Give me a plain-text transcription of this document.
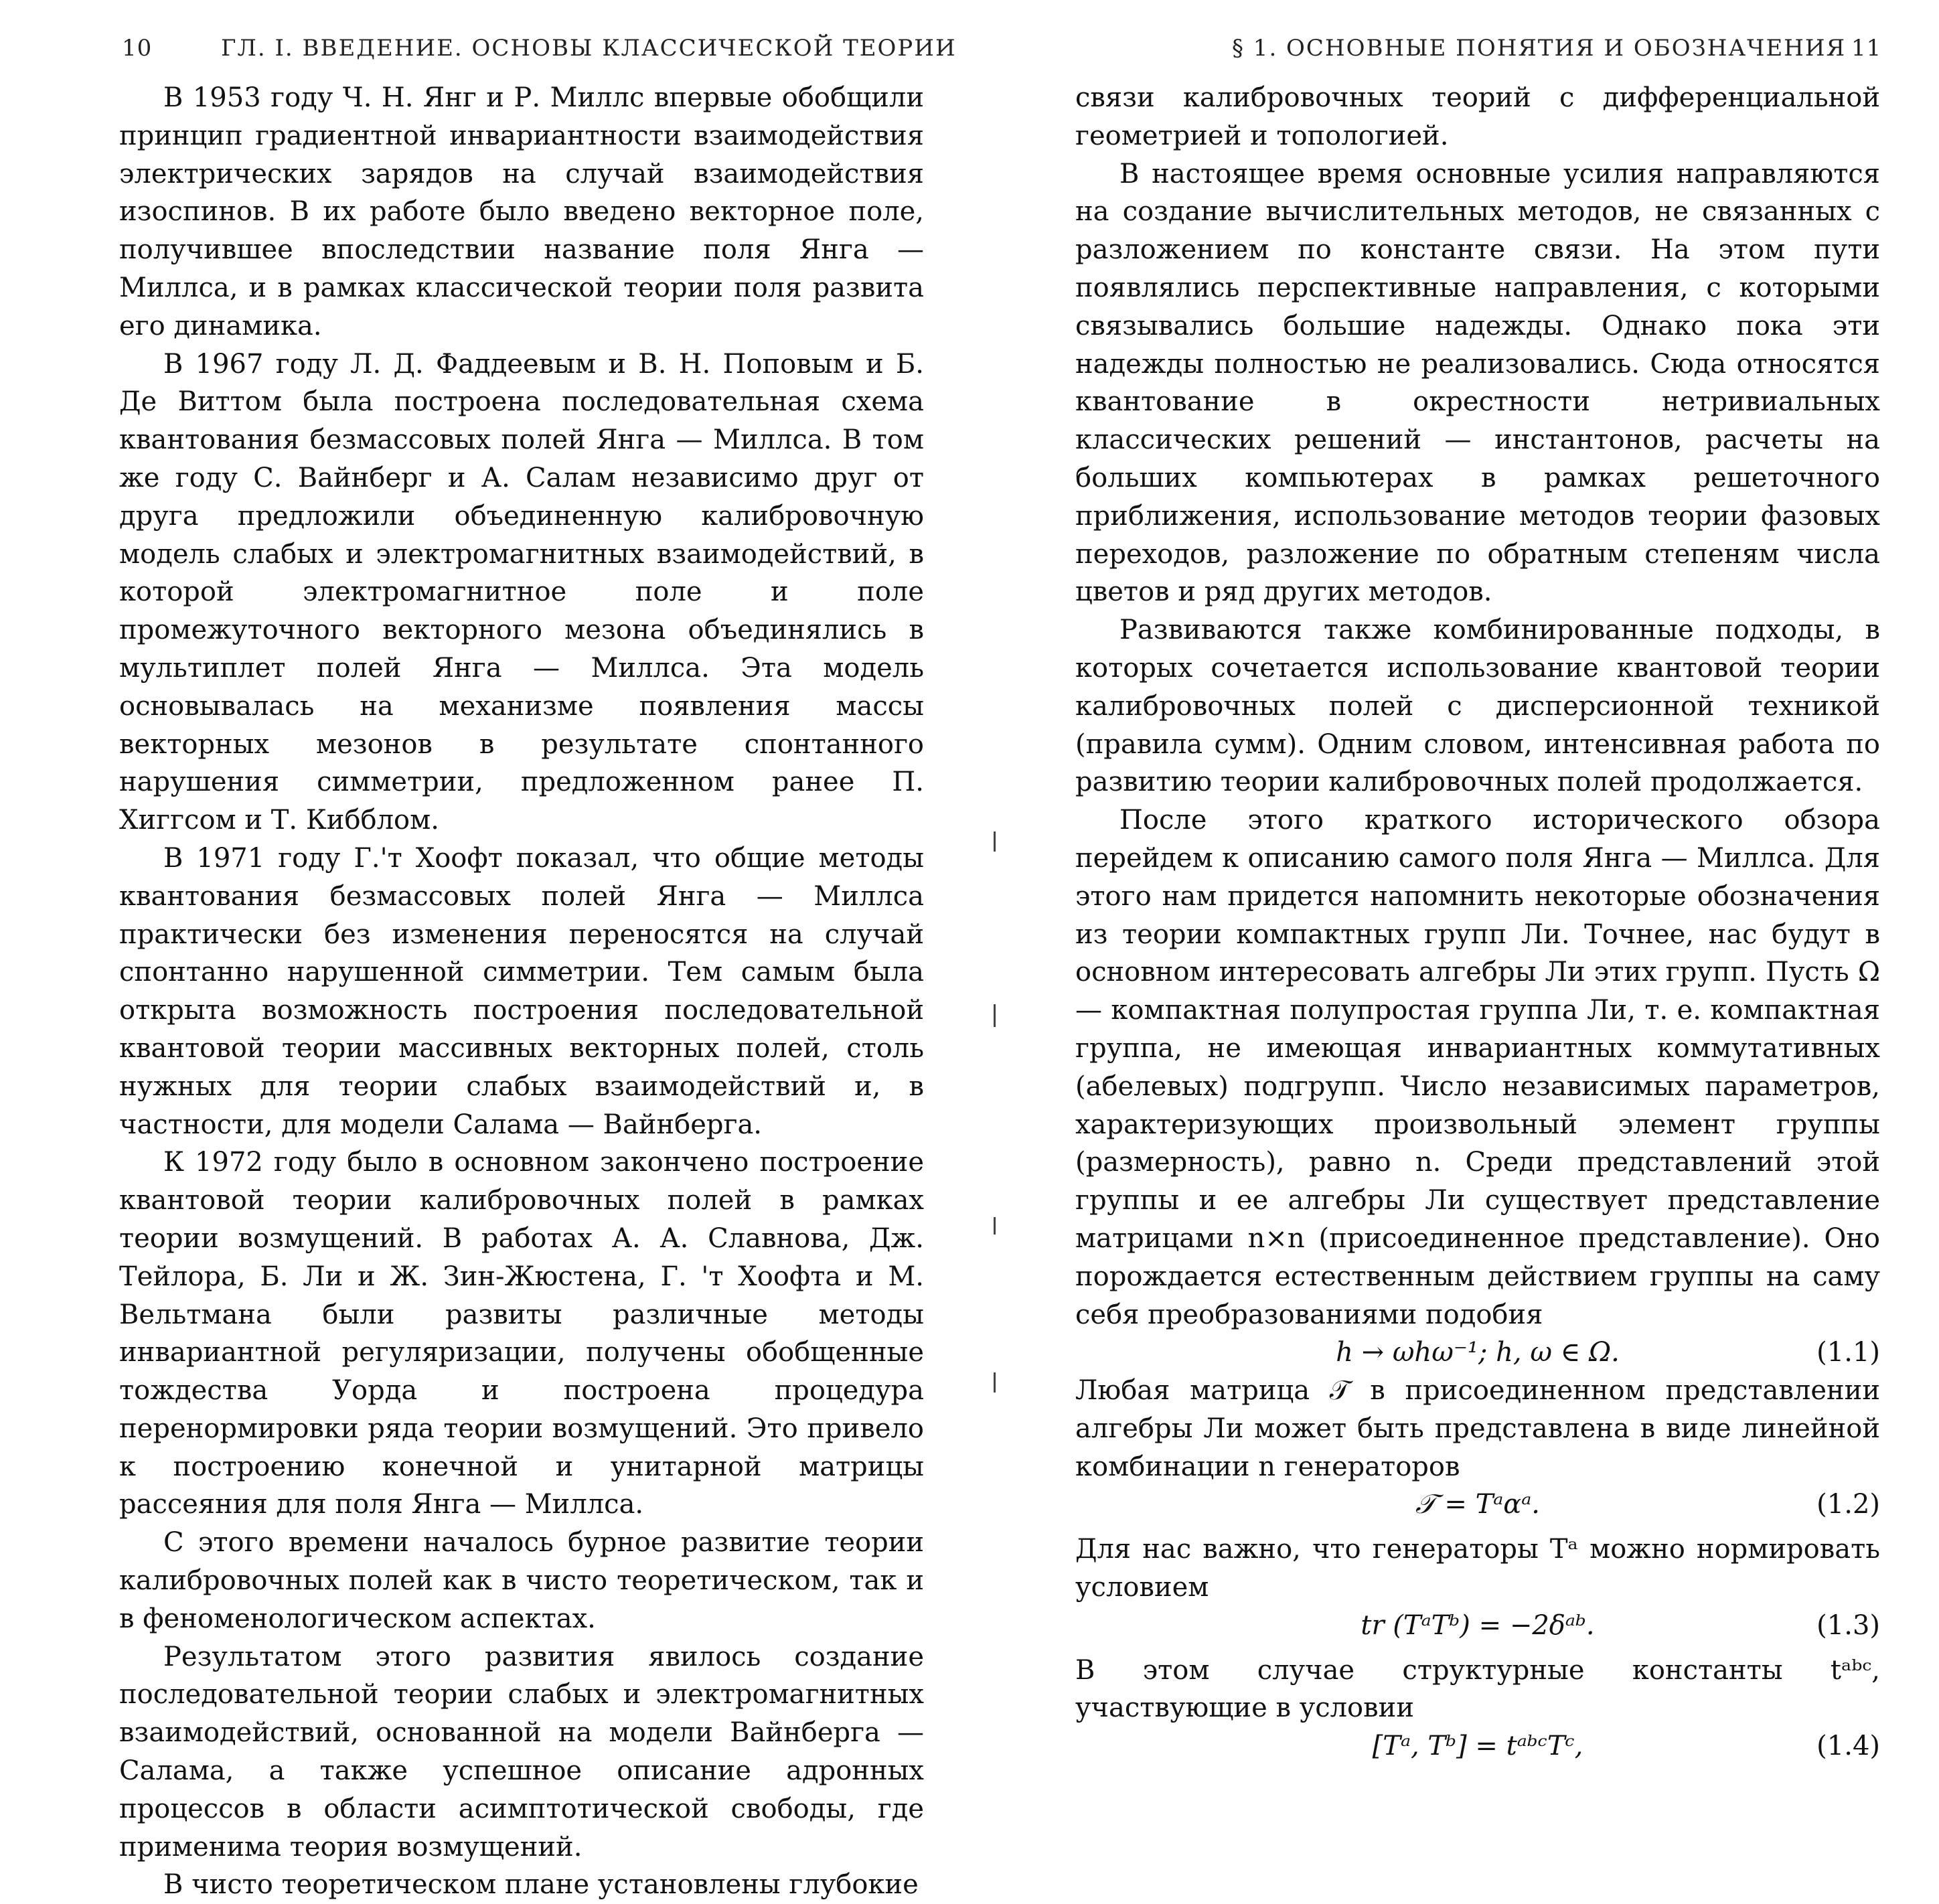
10	ГЛ. I. ВВЕДЕНИЕ. ОСНОВЫ КЛАССИЧЕСКОЙ ТЕОРИИ

В 1953 году Ч. Н. Янг и Р. Миллс впервые обобщили принцип градиентной инвариантности взаимодействия электрических зарядов на случай взаимодействия изоспинов. В их работе было введено векторное поле, получившее впоследствии название поля Янга — Миллса, и в рамках классической теории поля развита его динамика.

В 1967 году Л. Д. Фаддеевым и В. Н. Поповым и Б. Де Виттом была построена последовательная схема квантования безмассовых полей Янга — Миллса. В том же году С. Вайнберг и А. Салам независимо друг от друга предложили объединенную калибровочную модель слабых и электромагнитных взаимодействий, в которой электромагнитное поле и поле промежуточного векторного мезона объединялись в мультиплет полей Янга — Миллса. Эта модель основывалась на механизме появления массы векторных мезонов в результате спонтанного нарушения симметрии, предложенном ранее П. Хиггсом и Т. Кибблом.

В 1971 году Г.'т Хоофт показал, что общие методы квантования безмассовых полей Янга — Миллса практически без изменения переносятся на случай спонтанно нарушенной симметрии. Тем самым была открыта возможность построения последовательной квантовой теории массивных векторных полей, столь нужных для теории слабых взаимодействий и, в частности, для модели Салама — Вайнберга.

К 1972 году было в основном закончено построение квантовой теории калибровочных полей в рамках теории возмущений. В работах А. А. Славнова, Дж. Тейлора, Б. Ли и Ж. Зин-Жюстена, Г. 'т Хоофта и М. Вельтмана были развиты различные методы инвариантной регуляризации, получены обобщенные тождества Уорда и построена процедура перенормировки ряда теории возмущений. Это привело к построению конечной и унитарной матрицы рассеяния для поля Янга — Миллса.

С этого времени началось бурное развитие теории калибровочных полей как в чисто теоретическом, так и в феноменологическом аспектах.

Результатом этого развития явилось создание последовательной теории слабых и электромагнитных взаимодействий, основанной на модели Вайнберга — Салама, а также успешное описание адронных процессов в области асимптотической свободы, где применима теория возмущений.

В чисто теоретическом плане установлены глубокие

§ 1. ОСНОВНЫЕ ПОНЯТИЯ И ОБОЗНАЧЕНИЯ 11

связи калибровочных теорий с дифференциальной геометрией и топологией.

В настоящее время основные усилия направляются на создание вычислительных методов, не связанных с разложением по константе связи. На этом пути появлялись перспективные направления, с которыми связывались большие надежды. Однако пока эти надежды полностью не реализовались. Сюда относятся квантование в окрестности нетривиальных классических решений — инстантонов, расчеты на больших компьютерах в рамках решеточного приближения, использование методов теории фазовых переходов, разложение по обратным степеням числа цветов и ряд других методов.

Развиваются также комбинированные подходы, в которых сочетается использование квантовой теории калибровочных полей с дисперсионной техникой (правила сумм). Одним словом, интенсивная работа по развитию теории калибровочных полей продолжается.

После этого краткого исторического обзора перейдем к описанию самого поля Янга — Миллса. Для этого нам придется напомнить некоторые обозначения из теории компактных групп Ли. Точнее, нас будут в основном интересовать алгебры Ли этих групп. Пусть Ω — компактная полупростая группа Ли, т. е. компактная группа, не имеющая инвариантных коммутативных (абелевых) подгрупп. Число независимых параметров, характеризующих произвольный элемент группы (размерность), равно n. Среди представлений этой группы и ее алгебры Ли существует представление матрицами n×n (присоединенное представление). Оно порождается естественным действием группы на саму себя преобразованиями подобия

h → ωhω⁻¹; h, ω ∈ Ω.	(1.1)

Любая матрица 𝒯 в присоединенном представлении алгебры Ли может быть представлена в виде линейной комбинации n генераторов

𝒯 = Tᵃαᵃ.	(1.2)

Для нас важно, что генераторы Tᵃ можно нормировать условием

tr (TᵃTᵇ) = −2δᵃᵇ.	(1.3)

В этом случае структурные константы tᵃᵇᶜ, участвующие в условии

[Tᵃ, Tᵇ] = tᵃᵇᶜTᶜ,	(1.4)
